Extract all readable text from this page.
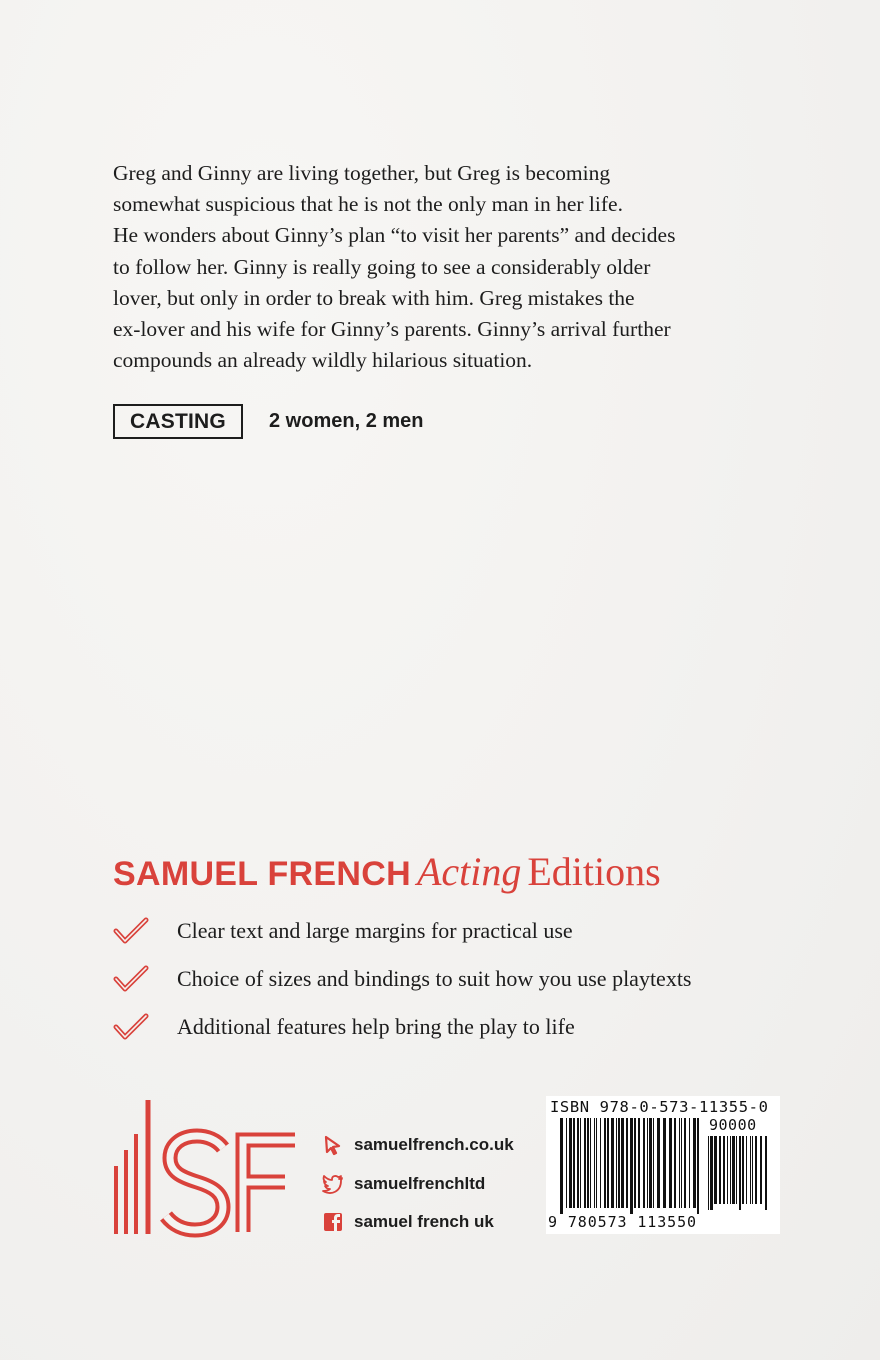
Greg and Ginny are living together, but Greg is becoming
somewhat suspicious that he is not the only man in her life.
He wonders about Ginny’s plan “to visit her parents” and decides
to follow her. Ginny is really going to see a considerably older
lover, but only in order to break with him. Greg mistakes the
ex-lover and his wife for Ginny’s parents. Ginny’s arrival further
compounds an already wildly hilarious situation.
CASTING	2 women, 2 men
SAMUEL FRENCH Acting Editions
Clear text and large margins for practical use
Choice of sizes and bindings to suit how you use playtexts
Additional features help bring the play to life
samuelfrench.co.uk
samuelfrenchltd
samuel french uk
ISBN 978-0-573-11355-0
90000
9 780573 113550
